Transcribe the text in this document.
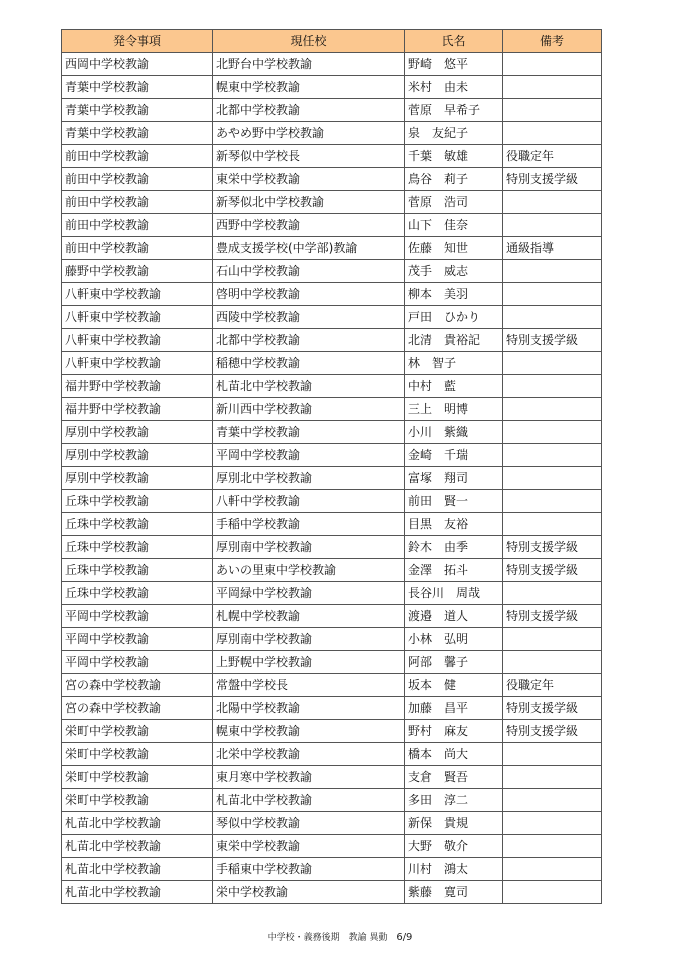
発令事項	現任校	氏名	備考
西岡中学校教諭	北野台中学校教諭	野崎　悠平	
青葉中学校教諭	幌東中学校教諭	米村　由未	
青葉中学校教諭	北都中学校教諭	菅原　早希子	
青葉中学校教諭	あやめ野中学校教諭	泉　友紀子	
前田中学校教諭	新琴似中学校長	千葉　敏雄	役職定年
前田中学校教諭	東栄中学校教諭	鳥谷　莉子	特別支援学級
前田中学校教諭	新琴似北中学校教諭	菅原　浩司	
前田中学校教諭	西野中学校教諭	山下　佳奈	
前田中学校教諭	豊成支援学校(中学部)教諭	佐藤　知世	通級指導
藤野中学校教諭	石山中学校教諭	茂手　威志	
八軒東中学校教諭	啓明中学校教諭	柳本　美羽	
八軒東中学校教諭	西陵中学校教諭	戸田　ひかり	
八軒東中学校教諭	北都中学校教諭	北清　貴裕記	特別支援学級
八軒東中学校教諭	稲穂中学校教諭	林　智子	
福井野中学校教諭	札苗北中学校教諭	中村　藍	
福井野中学校教諭	新川西中学校教諭	三上　明博	
厚別中学校教諭	青葉中学校教諭	小川　紫織	
厚別中学校教諭	平岡中学校教諭	金崎　千瑞	
厚別中学校教諭	厚別北中学校教諭	富塚　翔司	
丘珠中学校教諭	八軒中学校教諭	前田　賢一	
丘珠中学校教諭	手稲中学校教諭	目黒　友裕	
丘珠中学校教諭	厚別南中学校教諭	鈴木　由季	特別支援学級
丘珠中学校教諭	あいの里東中学校教諭	金澤　拓斗	特別支援学級
丘珠中学校教諭	平岡緑中学校教諭	長谷川　周哉	
平岡中学校教諭	札幌中学校教諭	渡邉　道人	特別支援学級
平岡中学校教諭	厚別南中学校教諭	小林　弘明	
平岡中学校教諭	上野幌中学校教諭	阿部　馨子	
宮の森中学校教諭	常盤中学校長	坂本　健	役職定年
宮の森中学校教諭	北陽中学校教諭	加藤　昌平	特別支援学級
栄町中学校教諭	幌東中学校教諭	野村　麻友	特別支援学級
栄町中学校教諭	北栄中学校教諭	橋本　尚大	
栄町中学校教諭	東月寒中学校教諭	支倉　賢吾	
栄町中学校教諭	札苗北中学校教諭	多田　淳二	
札苗北中学校教諭	琴似中学校教諭	新保　貴規	
札苗北中学校教諭	東栄中学校教諭	大野　敬介	
札苗北中学校教諭	手稲東中学校教諭	川村　鴻太	
札苗北中学校教諭	栄中学校教諭	紫藤　寛司	
中学校・義務後期　教諭 異動 6/9
